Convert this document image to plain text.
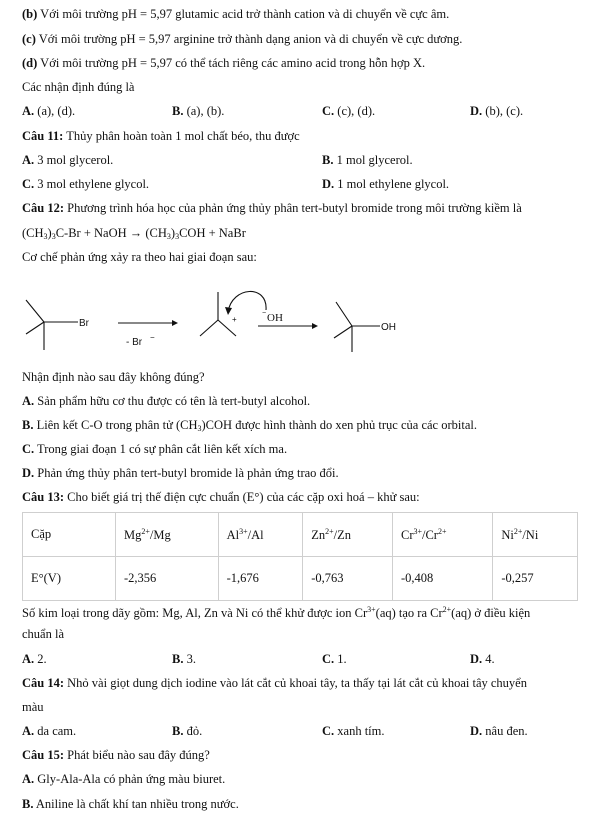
(b) Với môi trường pH = 5,97 glutamic acid trở thành cation và di chuyển về cực âm.
(c) Với môi trường pH = 5,97 arginine trở thành dạng anion và di chuyển về cực dương.
(d) Với môi trường pH = 5,97 có thể tách riêng các amino acid trong hỗn hợp X.
Các nhận định đúng là
A. (a), (d).	B. (a), (b).	C. (c), (d).	D. (b), (c).
Câu 11: Thủy phân hoàn toàn 1 mol chất béo, thu được
A. 3 mol glycerol.	B. 1 mol glycerol.
C. 3 mol ethylene glycol.	D. 1 mol ethylene glycol.
Câu 12: Phương trình hóa học của phản ứng thủy phân tert-butyl bromide trong môi trường kiềm là
$(CH_3)_3C-Br$ + NaOH → $(CH_3)_3COH$ + NaBr
Cơ chế phản ứng xảy ra theo hai giai đoạn sau:
Br
- Br −
+
− OH
OH
Nhận định nào sau đây không đúng?
A. Sản phẩm hữu cơ thu được có tên là tert-butyl alcohol.
B. Liên kết C-O trong phân tử $(CH_3)COH$ được hình thành do xen phủ trục của các orbital.
C. Trong giai đoạn 1 có sự phân cắt liên kết xích ma.
D. Phản ứng thủy phân tert-butyl bromide là phản ứng trao đổi.
Câu 13: Cho biết giá trị thế điện cực chuẩn (E°) của các cặp oxi hoá – khử sau:
Cặp	$Mg^{2+}/Mg$	$Al^{3+}/Al$	$Zn^{2+}/Zn$	$Cr^{3+}/Cr^{2+}$	$Ni^{2+}/Ni$
E°(V)	-2,356	-1,676	-0,763	-0,408	-0,257
Số kim loại trong dãy gồm: Mg, Al, Zn và Ni có thể khử được ion $Cr^{3+}(aq)$ tạo ra $Cr^{2+}(aq)$ ở điều kiện
chuẩn là
A. 2.	B. 3.	C. 1.	D. 4.
Câu 14: Nhỏ vài giọt dung dịch iodine vào lát cắt củ khoai tây, ta thấy tại lát cắt củ khoai tây chuyển
màu
A. da cam.	B. đỏ.	C. xanh tím.	D. nâu đen.
Câu 15: Phát biểu nào sau đây đúng?
A. Gly-Ala-Ala có phản ứng màu biuret.
B. Aniline là chất khí tan nhiều trong nước.
